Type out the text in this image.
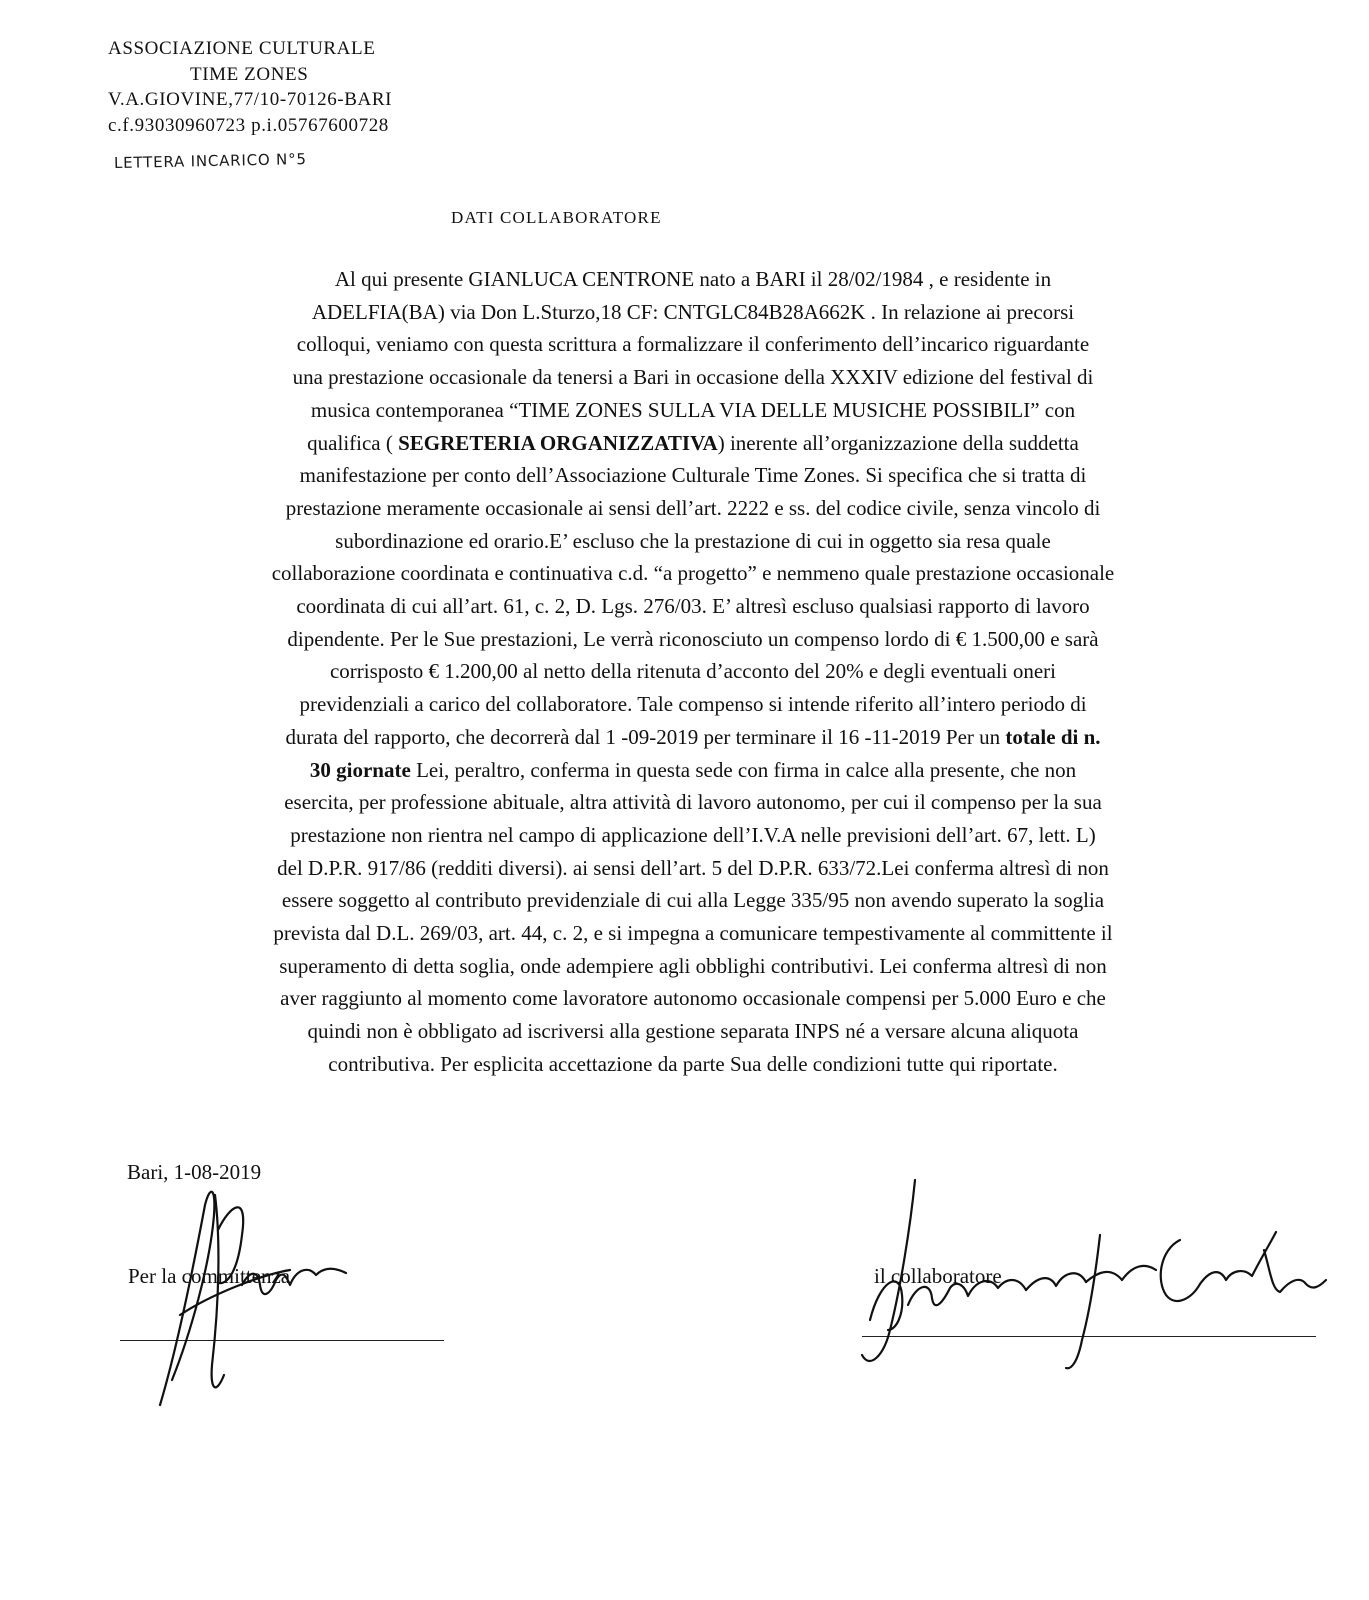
ASSOCIAZIONE CULTURALE
TIME ZONES
V.A.GIOVINE,77/10-70126-BARI
c.f.93030960723 p.i.05767600728
LETTERA INCARICO N°5
DATI COLLABORATORE
Al qui presente GIANLUCA CENTRONE nato a BARI il 28/02/1984 , e residente in
ADELFIA(BA) via Don L.Sturzo,18 CF: CNTGLC84B28A662K . In relazione ai precorsi
colloqui, veniamo con questa scrittura a formalizzare il conferimento dell’incarico riguardante
una prestazione occasionale da tenersi a Bari in occasione della XXXIV edizione del festival di
musica contemporanea “TIME ZONES SULLA VIA DELLE MUSICHE POSSIBILI” con
qualifica ( SEGRETERIA ORGANIZZATIVA) inerente all’organizzazione della suddetta
manifestazione per conto dell’Associazione Culturale Time Zones. Si specifica che si tratta di
prestazione meramente occasionale ai sensi dell’art. 2222 e ss. del codice civile, senza vincolo di
subordinazione ed orario.E’ escluso che la prestazione di cui in oggetto sia resa quale
collaborazione coordinata e continuativa c.d. “a progetto” e nemmeno quale prestazione occasionale
coordinata di cui all’art. 61, c. 2, D. Lgs. 276/03. E’ altresì escluso qualsiasi rapporto di lavoro
dipendente. Per le Sue prestazioni, Le verrà riconosciuto un compenso lordo di € 1.500,00 e sarà
corrisposto € 1.200,00 al netto della ritenuta d’acconto del 20% e degli eventuali oneri
previdenziali a carico del collaboratore. Tale compenso si intende riferito all’intero periodo di
durata del rapporto, che decorrerà dal 1 -09-2019 per terminare il 16 -11-2019 Per un totale di n.
30 giornate Lei, peraltro, conferma in questa sede con firma in calce alla presente, che non
esercita, per professione abituale, altra attività di lavoro autonomo, per cui il compenso per la sua
prestazione non rientra nel campo di applicazione dell’I.V.A nelle previsioni dell’art. 67, lett. L)
del D.P.R. 917/86 (redditi diversi). ai sensi dell’art. 5 del D.P.R. 633/72.Lei conferma altresì di non
essere soggetto al contributo previdenziale di cui alla Legge 335/95 non avendo superato la soglia
prevista dal D.L. 269/03, art. 44, c. 2, e si impegna a comunicare tempestivamente al committente il
superamento di detta soglia, onde adempiere agli obblighi contributivi. Lei conferma altresì di non
aver raggiunto al momento come lavoratore autonomo occasionale compensi per 5.000 Euro e che
quindi non è obbligato ad iscriversi alla gestione separata INPS né a versare alcuna aliquota
contributiva. Per esplicita accettazione da parte Sua delle condizioni tutte qui riportate.
Bari, 1-08-2019
Per la committenza	il collaboratore
